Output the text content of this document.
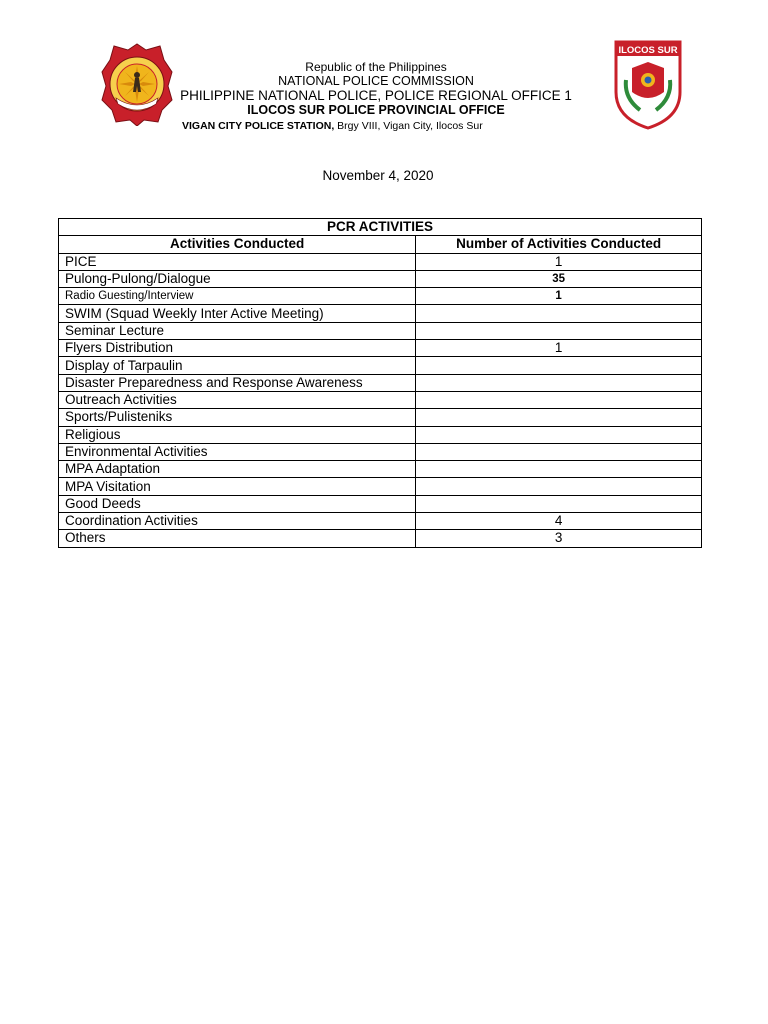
Republic of the Philippines
NATIONAL POLICE COMMISSION
PHILIPPINE NATIONAL POLICE, POLICE REGIONAL OFFICE 1
ILOCOS SUR POLICE PROVINCIAL OFFICE
VIGAN CITY POLICE STATION, Brgy VIII, Vigan City, Ilocos Sur
ILOCOS SUR
November 4, 2020
PCR ACTIVITIES	
Activities Conducted	Number of Activities Conducted
PICE	1
Pulong-Pulong/Dialogue	35
Radio Guesting/Interview	1
SWIM (Squad Weekly Inter Active Meeting)	
Seminar Lecture	
Flyers Distribution	1
Display of Tarpaulin	
Disaster Preparedness and Response Awareness	
Outreach Activities	
Sports/Pulisteniks	
Religious	
Environmental Activities	
MPA Adaptation	
MPA Visitation	
Good Deeds	
Coordination Activities	4
Others	3
